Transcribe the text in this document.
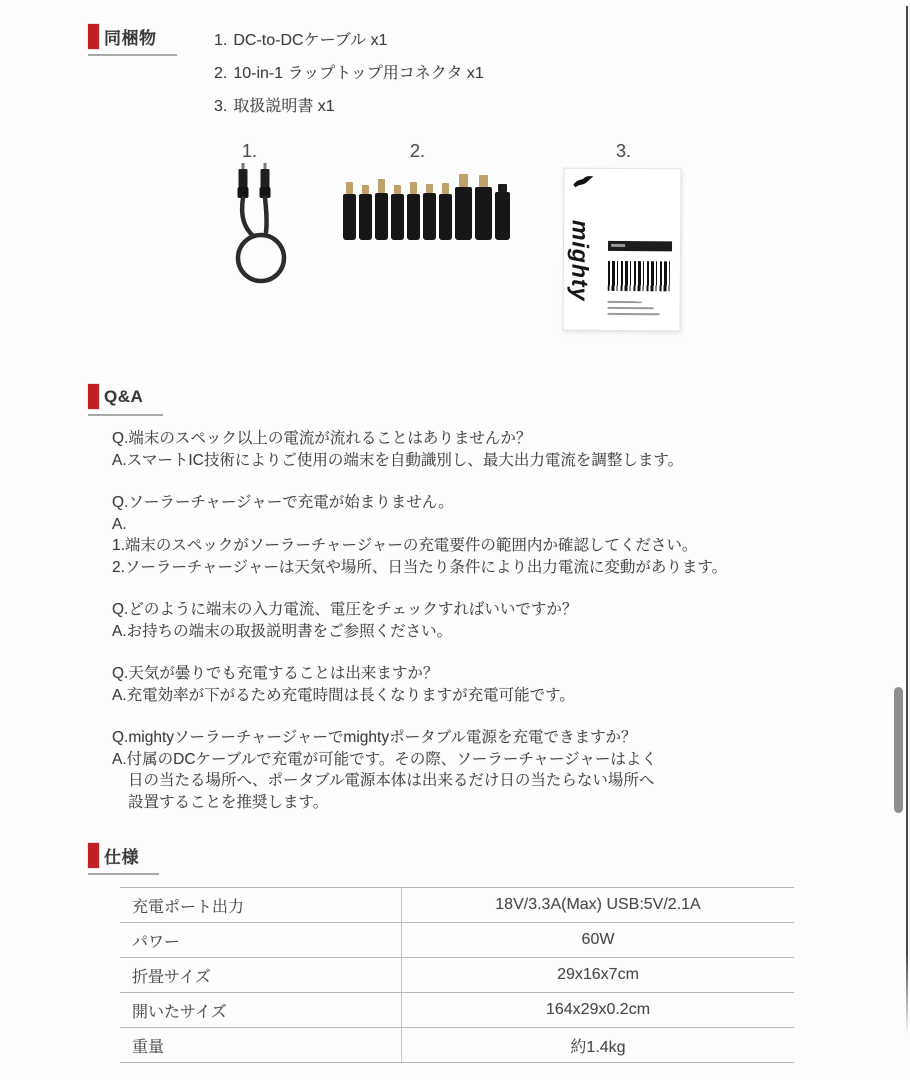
同梱物	1. DC-to-DCケーブル x1
2. 10-in-1 ラップトップ用コネクタ x1
3. 取扱説明書 x1
1.	2.	3.
mighty
Q&A
Q.端末のスペック以上の電流が流れることはありませんか？
A.スマートIC技術によりご使用の端末を自動識別し、最大出力電流を調整します。
Q.ソーラーチャージャーで充電が始まりません。
A.
1.端末のスペックがソーラーチャージャーの充電要件の範囲内か確認してください。
2.ソーラーチャージャーは天気や場所、日当たり条件により出力電流に変動があります。
Q.どのように端末の入力電流、電圧をチェックすればいいですか？
A.お持ちの端末の取扱説明書をご参照ください。
Q.天気が曇りでも充電することは出来ますか？
A.充電効率が下がるため充電時間は長くなりますが充電可能です。
Q.mightyソーラーチャージャーでmightyポータブル電源を充電できますか？
A.付属のDCケーブルで充電が可能です。その際、ソーラーチャージャーはよく
日の当たる場所へ、ポータブル電源本体は出来るだけ日の当たらない場所へ
設置することを推奨します。
仕様
充電ポート出力	18V/3.3A(Max) USB:5V/2.1A
パワー	60W
折畳サイズ	29x16x7cm
開いたサイズ	164x29x0.2cm
重量	約1.4kg
